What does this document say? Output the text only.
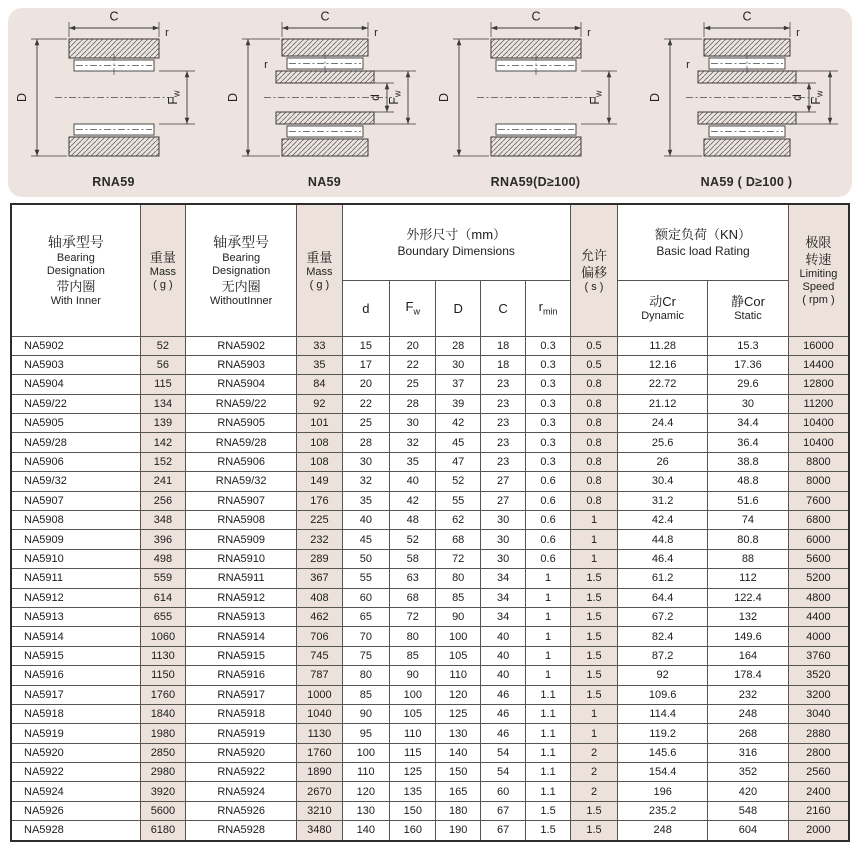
C
r
D	$F_w$
RNA59
C
r
r
D	d $F_w$
NA59
C
r
D	$F_w$
RNA59(D≥100)
C
r
r
D	d $F_w$
NA59 ( D≥100 )
轴承型号
Bearing
Designation
带内圈
With Inner

重量
Mass
( g )

轴承型号
Bearing
Designation
无内圈
WithoutInner

重量
Mass
( g )

外形尺寸（mm）
Boundary Dimensions	允许
偏移
( s )

额定负荷（KN）
Basic load Rating

极限
转速
Limiting
Speed
( rpm )

d	$F_w$	D	C	$r_{min}$	
动Cr
Dynamic

静Cor
Static

NA5902	52	RNA5902	33	15	20	28	18	0.3	0.5	11.28	15.3	16000
NA5903	56	RNA5903	35	17	22	30	18	0.3	0.5	12.16	17.36	14400
NA5904	115	RNA5904	84	20	25	37	23	0.3	0.8	22.72	29.6	12800
NA59/22	134	RNA59/22	92	22	28	39	23	0.3	0.8	21.12	30	11200
NA5905	139	RNA5905	101	25	30	42	23	0.3	0.8	24.4	34.4	10400
NA59/28	142	RNA59/28	108	28	32	45	23	0.3	0.8	25.6	36.4	10400
NA5906	152	RNA5906	108	30	35	47	23	0.3	0.8	26	38.8	8800
NA59/32	241	RNA59/32	149	32	40	52	27	0.6	0.8	30.4	48.8	8000
NA5907	256	RNA5907	176	35	42	55	27	0.6	0.8	31.2	51.6	7600
NA5908	348	RNA5908	225	40	48	62	30	0.6	1	42.4	74	6800
NA5909	396	RNA5909	232	45	52	68	30	0.6	1	44.8	80.8	6000
NA5910	498	RNA5910	289	50	58	72	30	0.6	1	46.4	88	5600
NA5911	559	RNA5911	367	55	63	80	34	1	1.5	61.2	112	5200
NA5912	614	RNA5912	408	60	68	85	34	1	1.5	64.4	122.4	4800
NA5913	655	RNA5913	462	65	72	90	34	1	1.5	67.2	132	4400
NA5914	1060	RNA5914	706	70	80	100	40	1	1.5	82.4	149.6	4000
NA5915	1130	RNA5915	745	75	85	105	40	1	1.5	87.2	164	3760
NA5916	1150	RNA5916	787	80	90	110	40	1	1.5	92	178.4	3520
NA5917	1760	RNA5917	1000	85	100	120	46	1.1	1.5	109.6	232	3200
NA5918	1840	RNA5918	1040	90	105	125	46	1.1	1	114.4	248	3040
NA5919	1980	RNA5919	1130	95	110	130	46	1.1	1	119.2	268	2880
NA5920	2850	RNA5920	1760	100	115	140	54	1.1	2	145.6	316	2800
NA5922	2980	RNA5922	1890	110	125	150	54	1.1	2	154.4	352	2560
NA5924	3920	RNA5924	2670	120	135	165	60	1.1	2	196	420	2400
NA5926	5600	RNA5926	3210	130	150	180	67	1.5	1.5	235.2	548	2160
NA5928	6180	RNA5928	3480	140	160	190	67	1.5	1.5	248	604	2000
